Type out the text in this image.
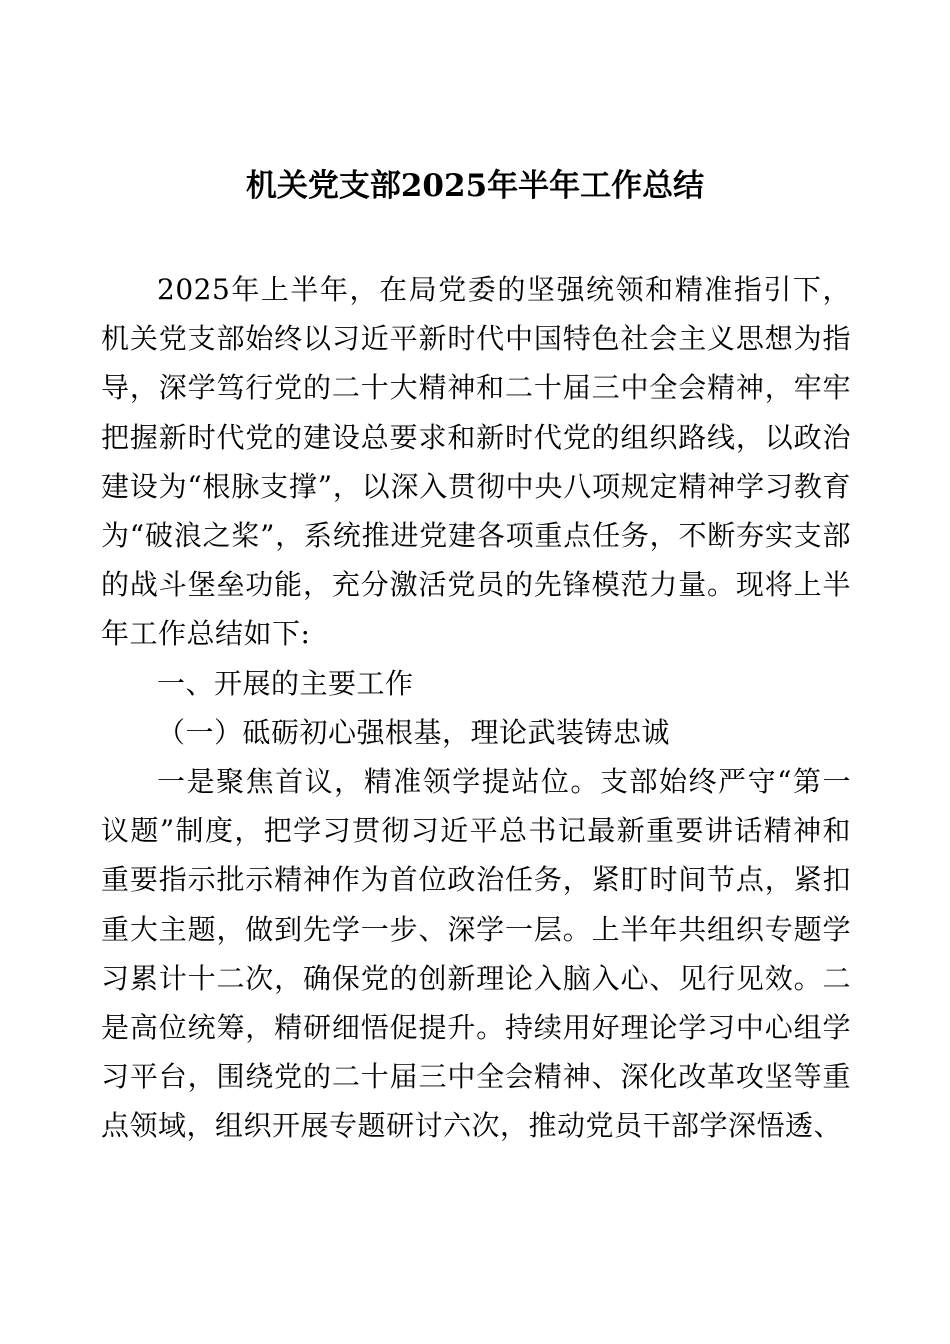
机关党支部2025年半年工作总结

2025年上半年，在局党委的坚强统领和精准指引下，机关党支部始终以习近平新时代中国特色社会主义思想为指导，深学笃行党的二十大精神和二十届三中全会精神，牢牢把握新时代党的建设总要求和新时代党的组织路线，以政治建设为“根脉支撑”，以深入贯彻中央八项规定精神学习教育为“破浪之桨”，系统推进党建各项重点任务，不断夯实支部的战斗堡垒功能，充分激活党员的先锋模范力量。现将上半年工作总结如下:

一、开展的主要工作

（一）砥砺初心强根基，理论武装铸忠诚

一是聚焦首议，精准领学提站位。支部始终严守“第一议题”制度，把学习贯彻习近平总书记最新重要讲话精神和重要指示批示精神作为首位政治任务，紧盯时间节点，紧扣重大主题，做到先学一步、深学一层。上半年共组织专题学习累计十二次，确保党的创新理论入脑入心、见行见效。二是高位统筹，精研细悟促提升。持续用好理论学习中心组学习平台，围绕党的二十届三中全会精神、深化改革攻坚等重点领域，组织开展专题研讨六次，推动党员干部学深悟透、
